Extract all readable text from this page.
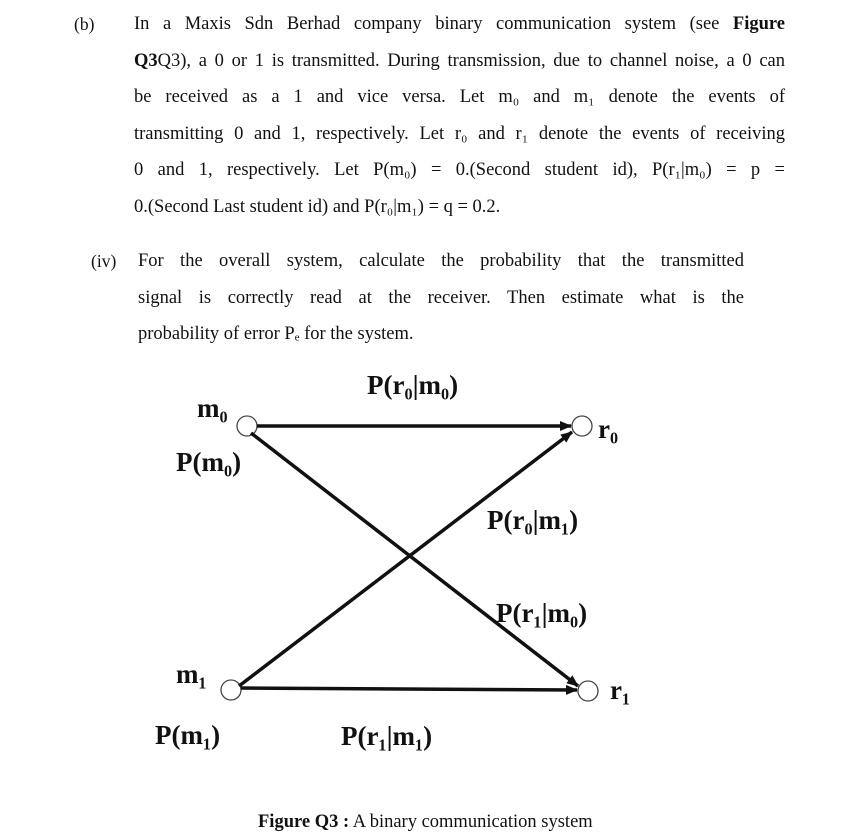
(b) In a Maxis Sdn Berhad company binary communication system (see Figure
Q3Q3), a 0 or 1 is transmitted. During transmission, due to channel noise, a 0 can
be received as a 1 and vice versa. Let m₀ and m₁ denote the events of
transmitting 0 and 1, respectively. Let r₀ and r₁ denote the events of receiving
0 and 1, respectively. Let P(m₀) = 0.(Second student id), P(r₁|m₀) = p =
0.(Second Last student id) and P(r₀|m₁) = q = 0.2.
(iv) For the overall system, calculate the probability that the transmitted
signal is correctly read at the receiver. Then estimate what is the
probability of error Pₑ for the system.
m₀
P(m₀)
m₁
P(m₁)
r₀
r₁
P(r₀|m₀)
P(r₀|m₁)
P(r₁|m₀)
P(r₁|m₁)
Figure Q3 : A binary communication system
